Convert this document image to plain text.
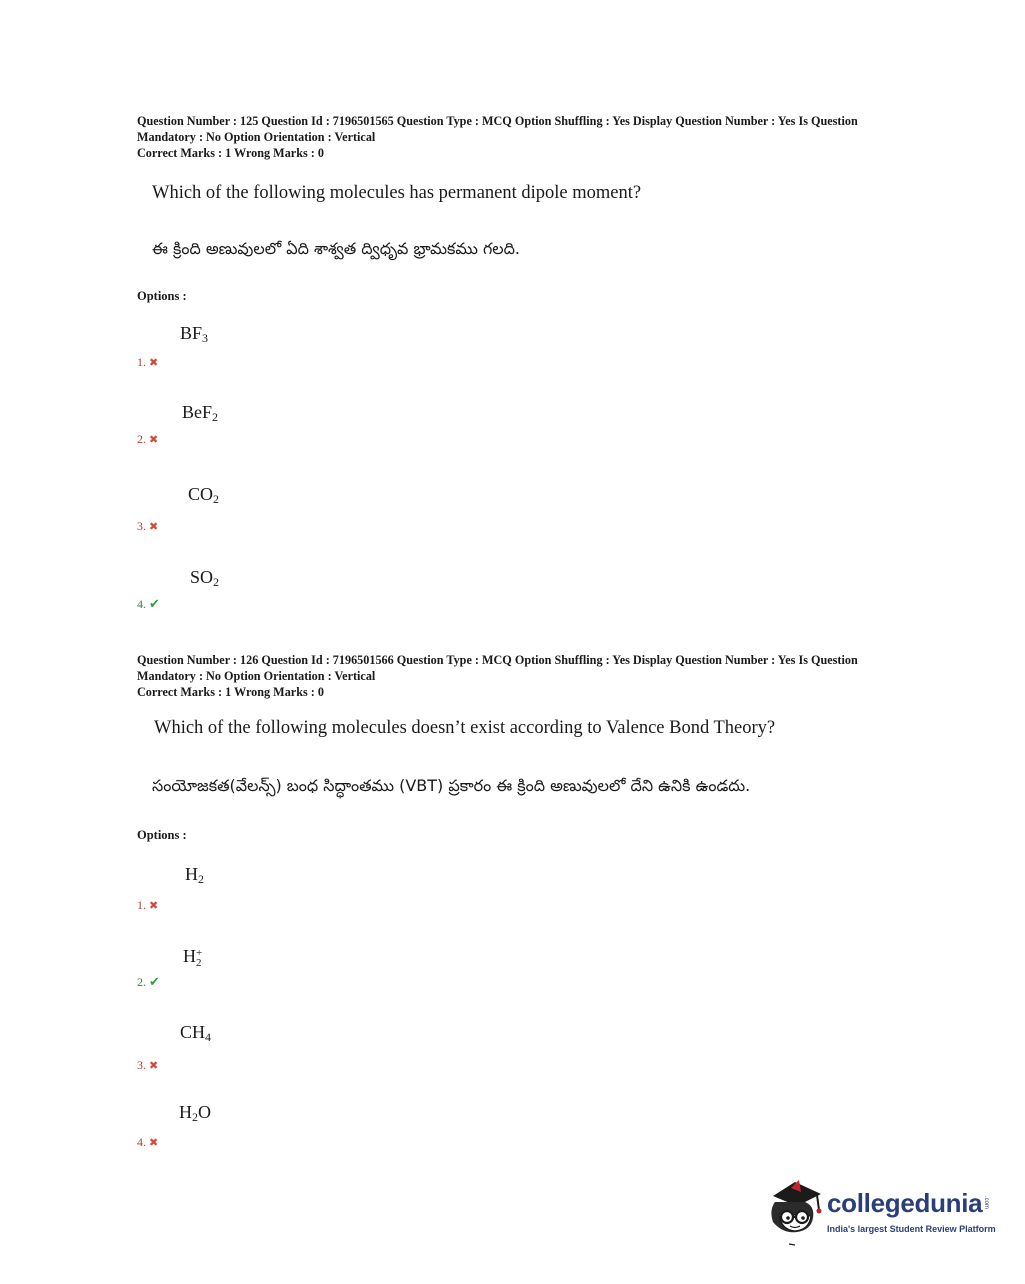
Question Number : 125 Question Id : 7196501565 Question Type : MCQ Option Shuffling : Yes Display Question Number : Yes Is Question

Mandatory : No Option Orientation : Vertical

Correct Marks : 1 Wrong Marks : 0

Which of the following molecules has permanent dipole moment?

ఈ క్రింది అణువులలో ఏది శాశ్వత ద్విధృవ భ్రామకము గలది.

Options :
$BF_3$
1. ✖
BeF$_2$
2. ✖
$CO_2$
3. ✖
$SO_2$
4. ✔

Question Number : 126 Question Id : 7196501566 Question Type : MCQ Option Shuffling : Yes Display Question Number : Yes Is Question

Mandatory : No Option Orientation : Vertical

Correct Marks : 1 Wrong Marks : 0

Which of the following molecules doesn’t exist according to Valence Bond Theory?

సంయోజకత(వేలన్స్) బంధ సిద్ధాంతము (VBT) ప్రకారం ఈ క్రింది అణువులలో దేని ఉనికి ఉండదు.

Options :
$H_2$
1. ✖
H +
2
2. ✔
$CH_4$
3. ✖
$H_2O$
4. ✖
collegedunia .com
India's largest Student Review Platform
